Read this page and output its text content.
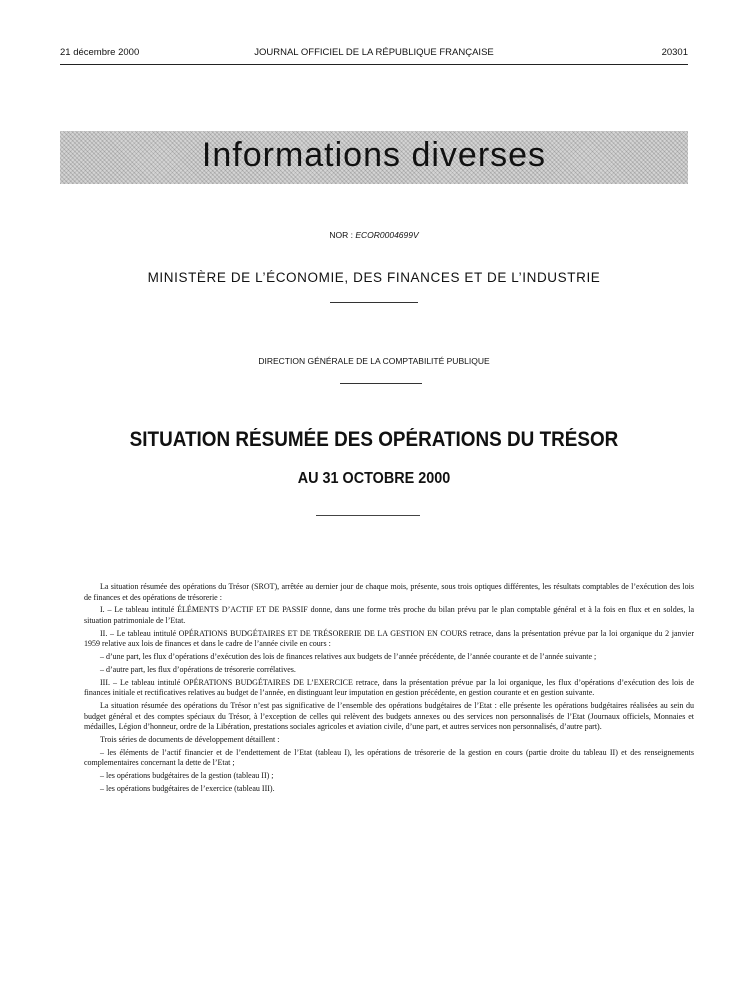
21 décembre 2000	JOURNAL OFFICIEL DE LA RÉPUBLIQUE FRANÇAISE	20301
Informations diverses
NOR : ECOR0004699V
MINISTÈRE DE L’ÉCONOMIE, DES FINANCES ET DE L’INDUSTRIE
DIRECTION GÉNÉRALE DE LA COMPTABILITÉ PUBLIQUE
SITUATION RÉSUMÉE DES OPÉRATIONS DU TRÉSOR
AU 31 OCTOBRE 2000

La situation résumée des opérations du Trésor (SROT), arrêtée au dernier jour de chaque mois, présente, sous trois optiques différentes, les résultats comptables de l’exécution des lois de finances et des opérations de trésorerie :

I. – Le tableau intitulé ÉLÉMENTS D’ACTIF ET DE PASSIF donne, dans une forme très proche du bilan prévu par le plan comptable général et à la fois en flux et en soldes, la situation patrimoniale de l’Etat.

II. – Le tableau intitulé OPÉRATIONS BUDGÉTAIRES ET DE TRÉSORERIE DE LA GESTION EN COURS retrace, dans la présentation prévue par la loi organique du 2 janvier 1959 relative aux lois de finances et dans le cadre de l’année civile en cours :

– d’une part, les flux d’opérations d’exécution des lois de finances relatives aux budgets de l’année précédente, de l’année courante et de l’année suivante ;

– d’autre part, les flux d’opérations de trésorerie corrélatives.

III. – Le tableau intitulé OPÉRATIONS BUDGÉTAIRES DE L’EXERCICE retrace, dans la présentation prévue par la loi organique, les flux d’opérations d’exécution des lois de finances initiale et rectificatives relatives au budget de l’année, en distinguant leur imputation en gestion précédente, en gestion courante et en gestion suivante.

La situation résumée des opérations du Trésor n’est pas significative de l’ensemble des opérations budgétaires de l’Etat : elle présente les opérations budgétaires réalisées au sein du budget général et des comptes spéciaux du Trésor, à l’exception de celles qui relèvent des budgets annexes ou des services non personnalisés de l’Etat (Journaux officiels, Monnaies et médailles, Légion d’honneur, ordre de la Libération, prestations sociales agricoles et aviation civile, d’une part, et autres services non personnalisés, d’autre part).

Trois séries de documents de développement détaillent :

– les éléments de l’actif financier et de l’endettement de l’Etat (tableau I), les opérations de trésorerie de la gestion en cours (partie droite du tableau II) et des renseignements complementaires concernant la dette de l’Etat ;

– les opérations budgétaires de la gestion (tableau II) ;

– les opérations budgétaires de l’exercice (tableau III).
